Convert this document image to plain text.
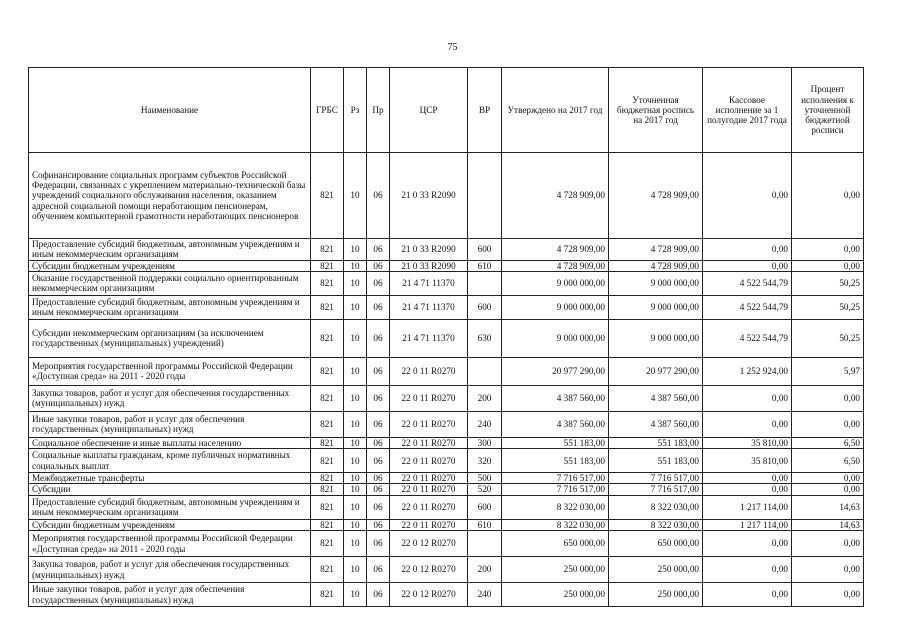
75
Наименование	ГРБС	Рз	Пр	ЦСР	ВР	Утверждено на 2017 год	Уточненная бюджетная роспись на 2017 год	Кассовое исполнение за 1 полугодие 2017 года	Процент исполнения к уточненной бюджетной росписи
Софинансирование социальных программ субъектов Российской Федерации, связанных с укреплением материально-технической базы учреждений социального обслуживания населения, оказанием адресной социальной помощи неработающим пенсионерам, обучением компьютерной грамотности неработающих пенсионеров	821	10	06	21 0 33 R2090		4 728 909,00	4 728 909,00	0,00	0,00
Предоставление субсидий бюджетным, автономным учреждениям и иным некоммерческим организациям	821	10	06	21 0 33 R2090	600	4 728 909,00	4 728 909,00	0,00	0,00
Субсидии бюджетным учреждениям	821	10	06	21 0 33 R2090	610	4 728 909,00	4 728 909,00	0,00	0,00
Оказание государственной поддержки социально ориентированным некоммерческим организациям	821	10	06	21 4 71 11370		9 000 000,00	9 000 000,00	4 522 544,79	50,25
Предоставление субсидий бюджетным, автономным учреждениям и иным некоммерческим организациям	821	10	06	21 4 71 11370	600	9 000 000,00	9 000 000,00	4 522 544,79	50,25
Субсидии некоммерческим организациям (за исключением государственных (муниципальных) учреждений)	821	10	06	21 4 71 11370	630	9 000 000,00	9 000 000,00	4 522 544,79	50,25
Мероприятия государственной программы Российской Федерации «Доступная среда» на 2011 - 2020 годы	821	10	06	22 0 11 R0270		20 977 290,00	20 977 290,00	1 252 924,00	5,97
Закупка товаров, работ и услуг для обеспечения государственных (муниципальных) нужд	821	10	06	22 0 11 R0270	200	4 387 560,00	4 387 560,00	0,00	0,00
Иные закупки товаров, работ и услуг для обеспечения государственных (муниципальных) нужд	821	10	06	22 0 11 R0270	240	4 387 560,00	4 387 560,00	0,00	0,00
Социальное обеспечение и иные выплаты населению	821	10	06	22 0 11 R0270	300	551 183,00	551 183,00	35 810,00	6,50
Социальные выплаты гражданам, кроме публичных нормативных социальных выплат	821	10	06	22 0 11 R0270	320	551 183,00	551 183,00	35 810,00	6,50
Межбюджетные трансферты	821	10	06	22 0 11 R0270	500	7 716 517,00	7 716 517,00	0,00	0,00
Субсидии	821	10	06	22 0 11 R0270	520	7 716 517,00	7 716 517,00	0,00	0,00
Предоставление субсидий бюджетным, автономным учреждениям и иным некоммерческим организациям	821	10	06	22 0 11 R0270	600	8 322 030,00	8 322 030,00	1 217 114,00	14,63
Субсидии бюджетным учреждениям	821	10	06	22 0 11 R0270	610	8 322 030,00	8 322 030,00	1 217 114,00	14,63
Мероприятия государственной программы Российской Федерации «Доступная среда» на 2011 - 2020 годы	821	10	06	22 0 12 R0270		650 000,00	650 000,00	0,00	0,00
Закупка товаров, работ и услуг для обеспечения государственных (муниципальных) нужд	821	10	06	22 0 12 R0270	200	250 000,00	250 000,00	0,00	0,00
Иные закупки товаров, работ и услуг для обеспечения государственных (муниципальных) нужд	821	10	06	22 0 12 R0270	240	250 000,00	250 000,00	0,00	0,00
